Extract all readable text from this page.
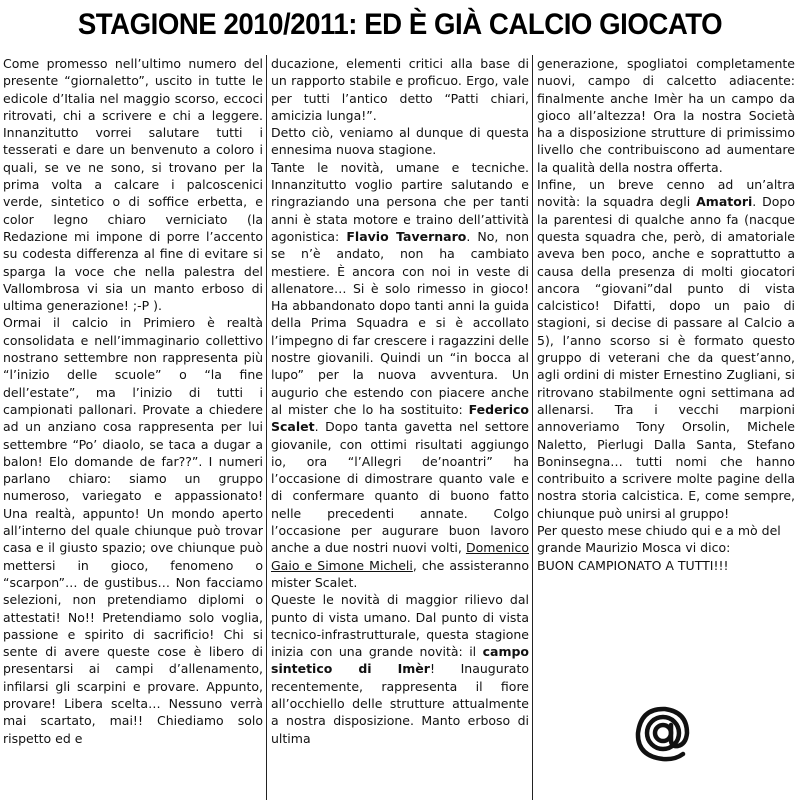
STAGIONE 2010/2011: ED È GIÀ CALCIO GIOCATO

Come promesso nell’ultimo numero del presente “giornaletto”, uscito in tutte le edicole d’Italia nel maggio scorso, eccoci ritrovati, chi a scrivere e chi a leggere. Innanzitutto vorrei salutare tutti i tesserati e dare un benvenuto a coloro i quali, se ve ne sono, si trovano per la prima volta a calcare i palcoscenici verde, sintetico o di soffice erbetta, e color legno chiaro verniciato (la Redazione mi impone di porre l’accento su codesta differenza al fine di evitare si sparga la voce che nella palestra del Vallombrosa vi sia un manto erboso di ultima generazione! ;-P ).

Ormai il calcio in Primiero è realtà consolidata e nell’immaginario collettivo nostrano settembre non rappresenta più “l’inizio delle scuole” o “la fine dell’estate”, ma l’inizio di tutti i campionati pallonari. Provate a chiedere ad un anziano cosa rappresenta per lui settembre “Po’ diaolo, se taca a dugar a balon! Elo domande de far??”. I numeri parlano chiaro: siamo un gruppo numeroso, variegato e appassionato! Una realtà, appunto! Un mondo aperto all’interno del quale chiunque può trovar casa e il giusto spazio; ove chiunque può mettersi in gioco, fenomeno o “scarpon”… de gustibus… Non facciamo selezioni, non pretendiamo diplomi o attestati! No!! Pretendiamo solo voglia, passione e spirito di sacrificio! Chi si sente di avere queste cose è libero di presentarsi ai campi d’allenamento, infilarsi gli scarpini e provare. Appunto, provare! Libera scelta… Nessuno verrà mai scartato, mai!! Chiediamo solo rispetto ed e

ducazione, elementi critici alla base di un rapporto stabile e proficuo. Ergo, vale per tutti l’antico detto “Patti chiari, amicizia lunga!”.

Detto ciò, veniamo al dunque di questa ennesima nuova stagione.

Tante le novità, umane e tecniche. Innanzitutto voglio partire salutando e ringraziando una persona che per tanti anni è stata motore e traino dell’attività agonistica: Flavio Tavernaro. No, non se n’è andato, non ha cambiato mestiere. È ancora con noi in veste di allenatore… Si è solo rimesso in gioco! Ha abbandonato dopo tanti anni la guida della Prima Squadra e si è accollato l’impegno di far crescere i ragazzini delle nostre giovanili. Quindi un “in bocca al lupo” per la nuova avventura. Un augurio che estendo con piacere anche al mister che lo ha sostituito: Federico Scalet. Dopo tanta gavetta nel settore giovanile, con ottimi risultati aggiungo io, ora “l’Allegri de’noantri” ha l’occasione di dimostrare quanto vale e di confermare quanto di buono fatto nelle precedenti annate. Colgo l’occasione per augurare buon lavoro anche a due nostri nuovi volti, Domenico Gaio e Simone Micheli, che assisteranno mister Scalet.

Queste le novità di maggior rilievo dal punto di vista umano. Dal punto di vista tecnico-infrastrutturale, questa stagione inizia con una grande novità: il campo sintetico di Imèr! Inaugurato recentemente, rappresenta il fiore all’occhiello delle strutture attualmente a nostra disposizione. Manto erboso di ultima

generazione, spogliatoi completamente nuovi, campo di calcetto adiacente: finalmente anche Imèr ha un campo da gioco all’altezza! Ora la nostra Società ha a disposizione strutture di primissimo livello che contribuiscono ad aumentare la qualità della nostra offerta.

Infine, un breve cenno ad un’altra novità: la squadra degli Amatori. Dopo la parentesi di qualche anno fa (nacque questa squadra che, però, di amatoriale aveva ben poco, anche e soprattutto a causa della presenza di molti giocatori ancora “giovani”dal punto di vista calcistico! Difatti, dopo un paio di stagioni, si decise di passare al Calcio a 5), l’anno scorso si è formato questo gruppo di veterani che da quest’anno, agli ordini di mister Ernestino Zugliani, si ritrovano stabilmente ogni settimana ad allenarsi. Tra i vecchi marpioni annoveriamo Tony Orsolin, Michele Naletto, Pierlugi Dalla Santa, Stefano Boninsegna… tutti nomi che hanno contribuito a scrivere molte pagine della nostra storia calcistica. E, come sempre, chiunque può unirsi al gruppo!

Per questo mese chiudo qui e a mò del grande Maurizio Mosca vi dico:

BUON CAMPIONATO A TUTTI!!!
